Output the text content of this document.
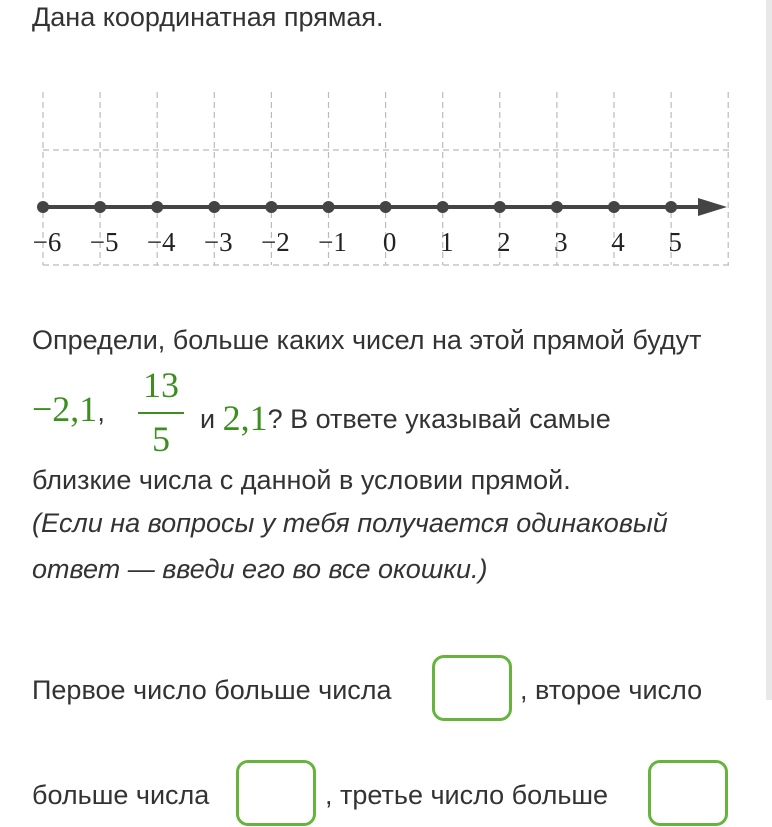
Дана координатная прямая.
−6 −5 −4 −3 −2 −1 0 1 2 3 4 5
Определи, больше каких чисел на этой прямой будут
−2,1,
13
5	и 2,1? В ответе указывай самые
близкие числа с данной в условии прямой.
(Если на вопросы у тебя получается одинаковый
ответ — введи его во все окошки.)
Первое число больше числа	, второе число
больше числа	, третье число больше
